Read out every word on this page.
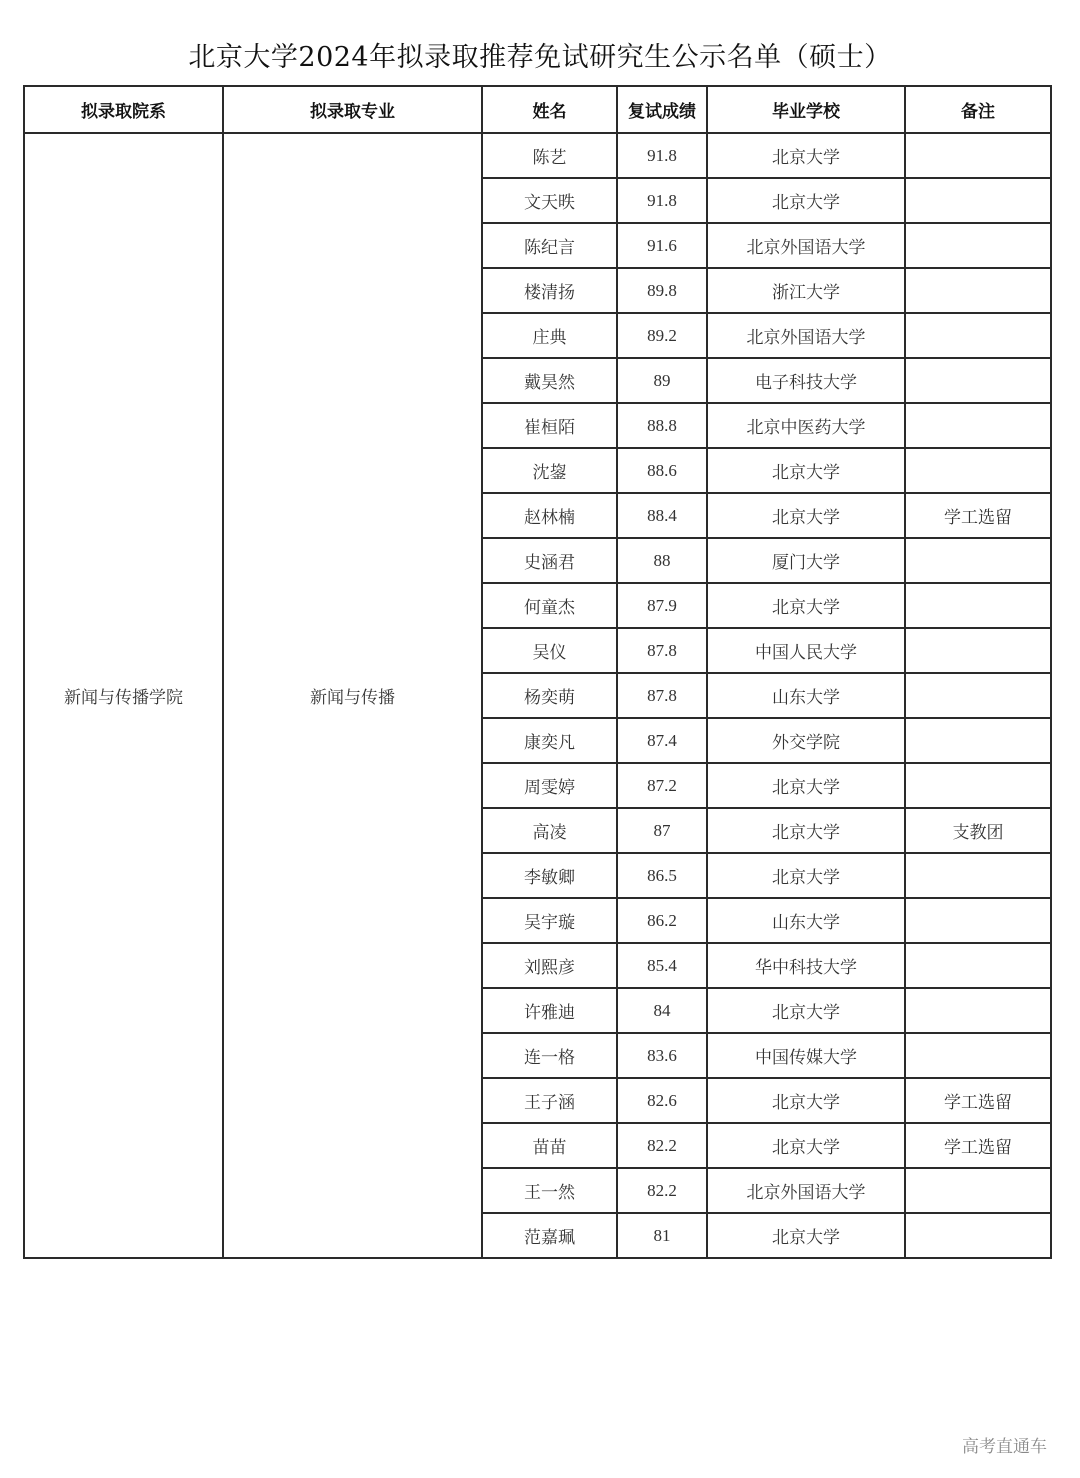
北京大学2024年拟录取推荐免试研究生公示名单（硕士）
拟录取院系	拟录取专业	姓名	复试成绩	毕业学校	备注
新闻与传播学院	新闻与传播	陈艺	91.8	北京大学	
		文天昳	91.8	北京大学	
		陈纪言	91.6	北京外国语大学	
		楼清扬	89.8	浙江大学	
		庄典	89.2	北京外国语大学	
		戴昊然	89	电子科技大学	
		崔桓陌	88.8	北京中医药大学	
		沈鋆	88.6	北京大学	
		赵林楠	88.4	北京大学	学工选留
		史涵君	88	厦门大学	
		何童杰	87.9	北京大学	
		吴仪	87.8	中国人民大学	
		杨奕萌	87.8	山东大学	
		康奕凡	87.4	外交学院	
		周雯婷	87.2	北京大学	
		高凌	87	北京大学	支教团
		李敏卿	86.5	北京大学	
		吴宇璇	86.2	山东大学	
		刘熙彦	85.4	华中科技大学	
		许雅迪	84	北京大学	
		连一格	83.6	中国传媒大学	
		王子涵	82.6	北京大学	学工选留
		苗苗	82.2	北京大学	学工选留
		王一然	82.2	北京外国语大学	
		范嘉珮	81	北京大学	
高考直通车
